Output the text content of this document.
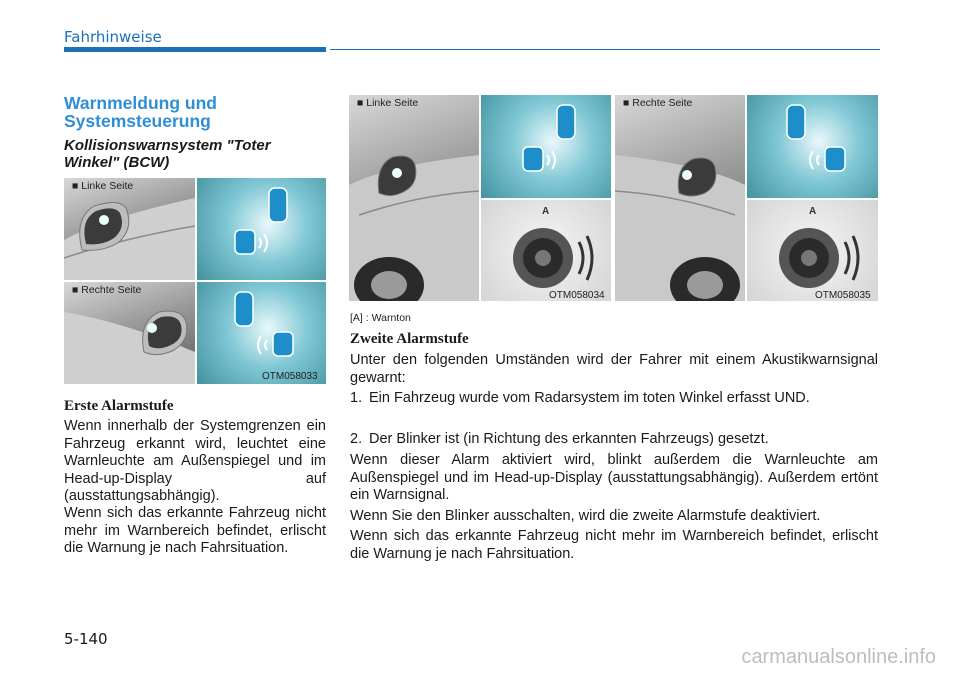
Fahrhinweise
Warnmeldung und Systemsteuerung
Kollisionswarnsystem "Toter Winkel" (BCW)
■ Linke Seite
■ Rechte Seite
OTM058033
■ Linke Seite
A
OTM058034
■ Rechte Seite
A
OTM058035
[A] : Warnton
Erste Alarmstufe
Wenn innerhalb der Systemgrenzen ein Fahrzeug erkannt wird, leuchtet eine Warnleuchte am Außenspiegel und im Head-up-Display auf (ausstattungsabhängig).
Wenn sich das erkannte Fahrzeug nicht mehr im Warnbereich befindet, erlischt die Warnung je nach Fahrsituation.
Zweite Alarmstufe
Unter den folgenden Umständen wird der Fahrer mit einem Akustikwarnsignal gewarnt:
1. Ein Fahrzeug wurde vom Radarsystem im toten Winkel erfasst UND.
2. Der Blinker ist (in Richtung des erkannten Fahrzeugs) gesetzt.
Wenn dieser Alarm aktiviert wird, blinkt außerdem die Warnleuchte am Außenspiegel und im Head-up-Display (ausstattungsabhängig). Außerdem ertönt ein Warnsignal.
Wenn Sie den Blinker ausschalten, wird die zweite Alarmstufe deaktiviert.
Wenn sich das erkannte Fahrzeug nicht mehr im Warnbereich befindet, erlischt die Warnung je nach Fahrsituation.
5-140
carmanualsonline.info
